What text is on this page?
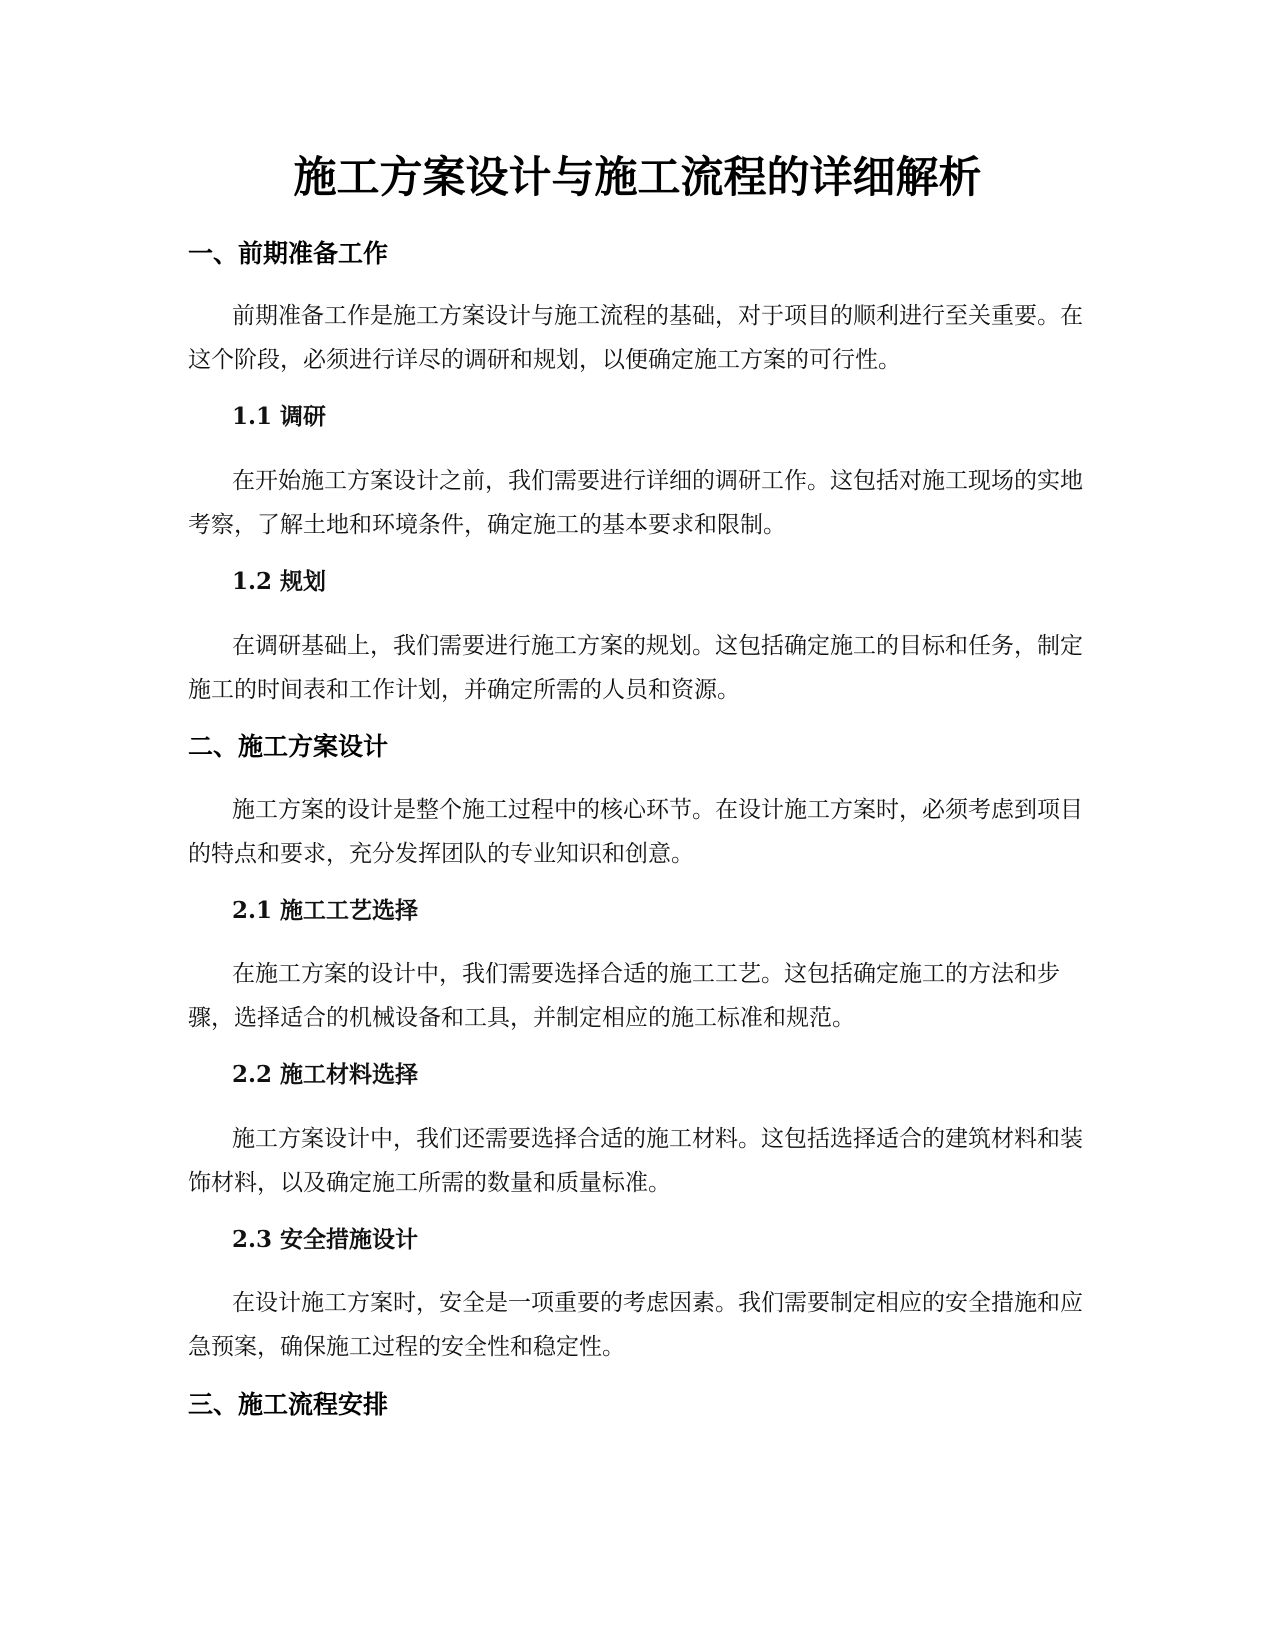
施工方案设计与施工流程的详细解析
一、前期准备工作

前期准备工作是施工方案设计与施工流程的基础，对于项目的顺利进行至关重要。在这个阶段，必须进行详尽的调研和规划，以便确定施工方案的可行性。

1.1 调研

在开始施工方案设计之前，我们需要进行详细的调研工作。这包括对施工现场的实地考察，了解土地和环境条件，确定施工的基本要求和限制。

1.2 规划

在调研基础上，我们需要进行施工方案的规划。这包括确定施工的目标和任务，制定施工的时间表和工作计划，并确定所需的人员和资源。

二、施工方案设计

施工方案的设计是整个施工过程中的核心环节。在设计施工方案时，必须考虑到项目的特点和要求，充分发挥团队的专业知识和创意。

2.1 施工工艺选择

在施工方案的设计中，我们需要选择合适的施工工艺。这包括确定施工的方法和步骤，选择适合的机械设备和工具，并制定相应的施工标准和规范。

2.2 施工材料选择

施工方案设计中，我们还需要选择合适的施工材料。这包括选择适合的建筑材料和装饰材料，以及确定施工所需的数量和质量标准。

2.3 安全措施设计

在设计施工方案时，安全是一项重要的考虑因素。我们需要制定相应的安全措施和应急预案，确保施工过程的安全性和稳定性。

三、施工流程安排
